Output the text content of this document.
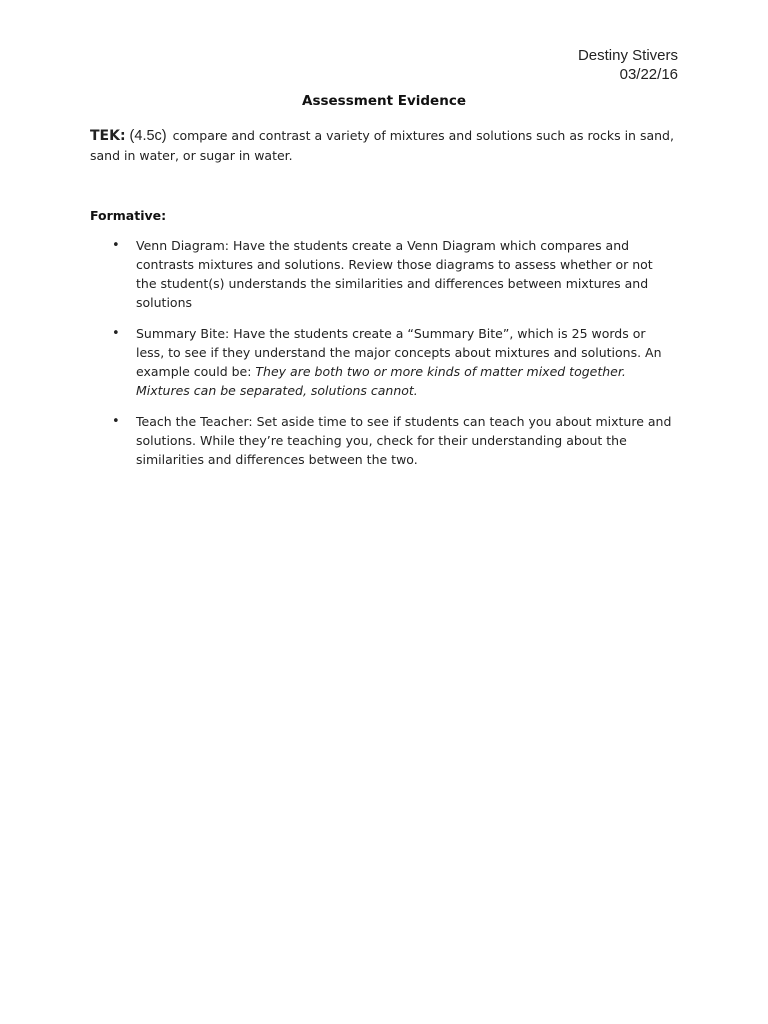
Destiny Stivers
03/22/16
Assessment Evidence
TEK: (4.5c) compare and contrast a variety of mixtures and solutions such as rocks in sand, sand in water, or sugar in water.
Formative:
• Venn Diagram: Have the students create a Venn Diagram which compares and contrasts mixtures and solutions. Review those diagrams to assess whether or not the student(s) understands the similarities and differences between mixtures and solutions
• Summary Bite: Have the students create a “Summary Bite”, which is 25 words or less, to see if they understand the major concepts about mixtures and solutions. An example could be: They are both two or more kinds of matter mixed together. Mixtures can be separated, solutions cannot.
• Teach the Teacher: Set aside time to see if students can teach you about mixture and solutions. While they’re teaching you, check for their understanding about the similarities and differences between the two.
